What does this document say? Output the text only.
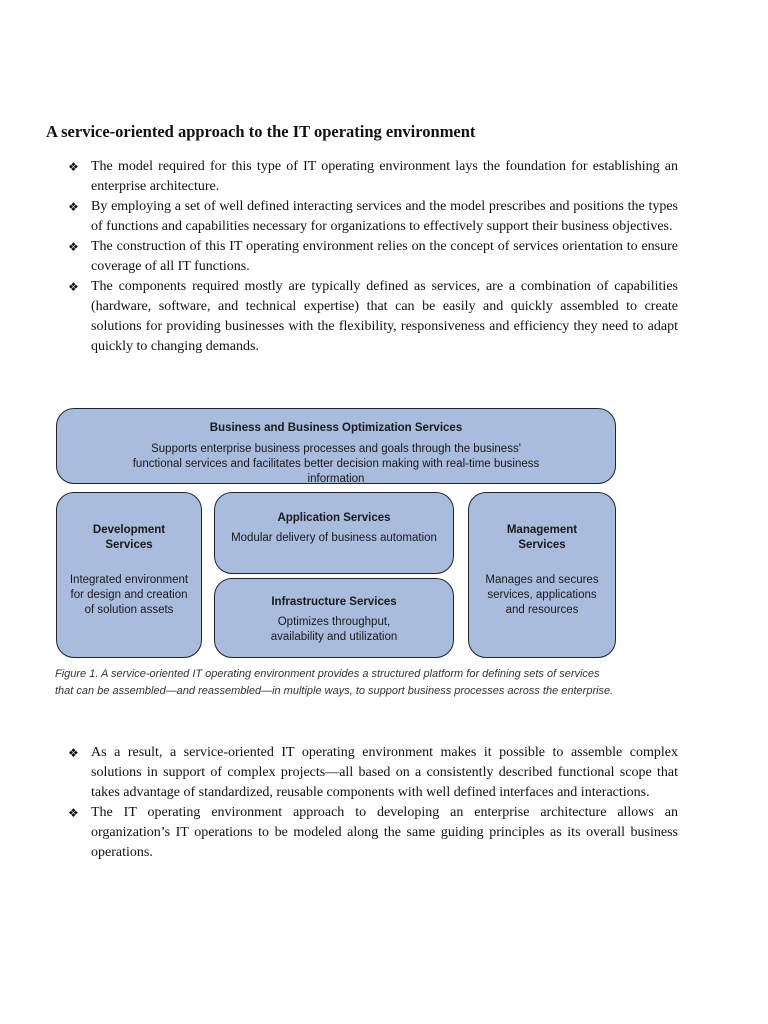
A service-oriented approach to the IT operating environment
❖ The model required for this type of IT operating environment lays the foundation for establishing an enterprise architecture.
❖ By employing a set of well defined interacting services and the model prescribes and positions the types of functions and capabilities necessary for organizations to effectively support their business objectives.
❖ The construction of this IT operating environment relies on the concept of services orientation to ensure coverage of all IT functions.
❖ The components required mostly are typically defined as services, are a combination of capabilities (hardware, software, and technical expertise) that can be easily and quickly assembled to create solutions for providing businesses with the flexibility, responsiveness and efficiency they need to adapt quickly to changing demands.
Business and Business Optimization Services
Supports enterprise business processes and goals through the business' functional services and facilitates better decision making with real-time business information
Development Services
Integrated environment for design and creation of solution assets
Application Services
Modular delivery of business automation
Infrastructure Services
Optimizes throughput, availability and utilization
Management Services
Manages and secures services, applications and resources
Figure 1. A service-oriented IT operating environment provides a structured platform for defining sets of services that can be assembled—and reassembled—in multiple ways, to support business processes across the enterprise.
❖ As a result, a service-oriented IT operating environment makes it possible to assemble complex solutions in support of complex projects—all based on a consistently described functional scope that takes advantage of standardized, reusable components with well defined interfaces and interactions.
❖ The IT operating environment approach to developing an enterprise architecture allows an organization’s IT operations to be modeled along the same guiding principles as its overall business operations.
